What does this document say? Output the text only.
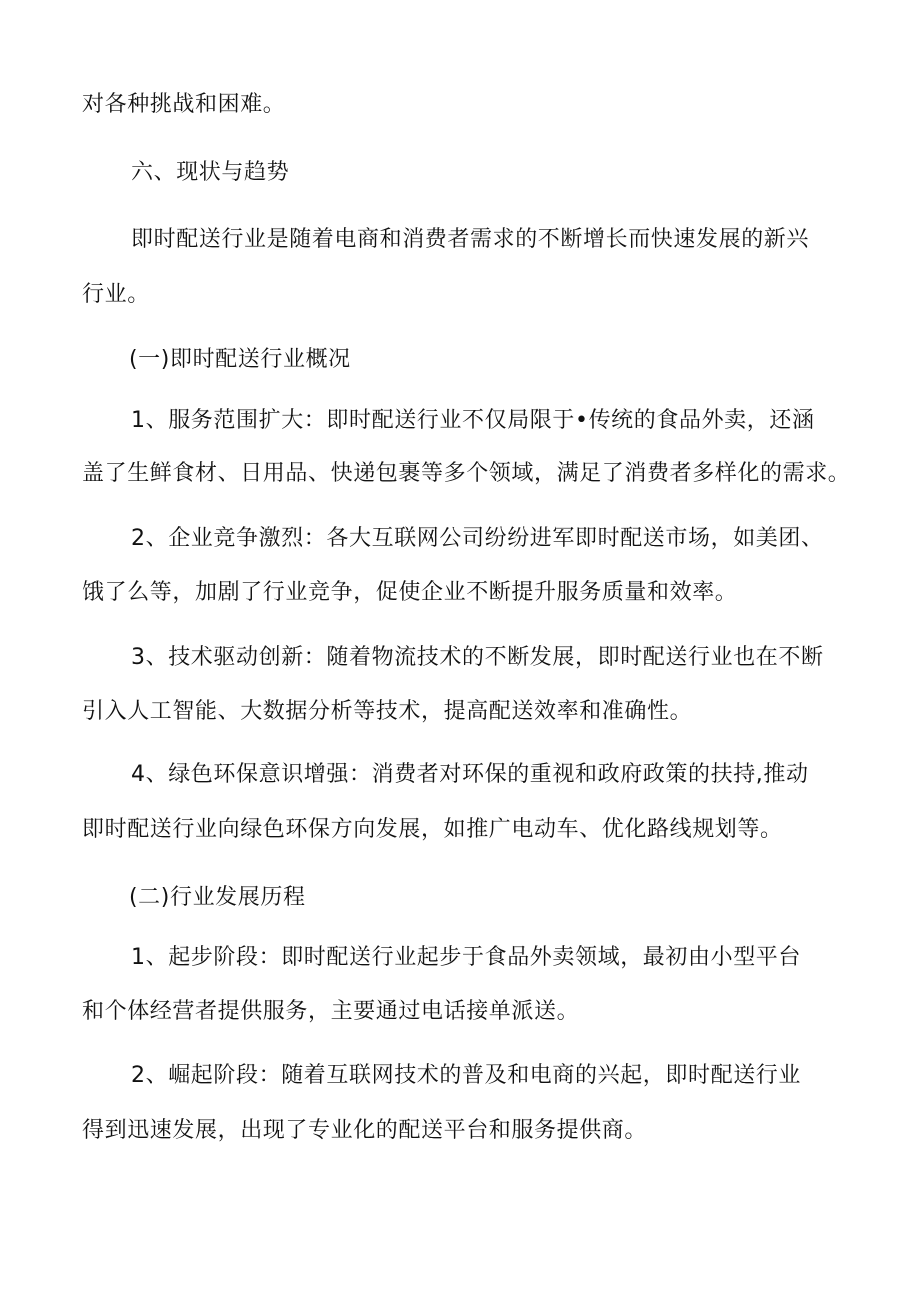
对各种挑战和困难。
六、现状与趋势
即时配送行业是随着电商和消费者需求的不断增长而快速发展的新兴
行业。
(一)即时配送行业概况
1、服务范围扩大：即时配送行业不仅局限于•传统的食品外卖，还涵
盖了生鲜食材、日用品、快递包裹等多个领域，满足了消费者多样化的需求。
2、企业竞争激烈：各大互联网公司纷纷进军即时配送市场，如美团、
饿了么等，加剧了行业竞争，促使企业不断提升服务质量和效率。
3、技术驱动创新：随着物流技术的不断发展，即时配送行业也在不断
引入人工智能、大数据分析等技术，提高配送效率和准确性。
4、绿色环保意识增强：消费者对环保的重视和政府政策的扶持,推动
即时配送行业向绿色环保方向发展，如推广电动车、优化路线规划等。
(二)行业发展历程
1、起步阶段：即时配送行业起步于食品外卖领域，最初由小型平台
和个体经营者提供服务，主要通过电话接单派送。
2、崛起阶段：随着互联网技术的普及和电商的兴起，即时配送行业
得到迅速发展，出现了专业化的配送平台和服务提供商。
